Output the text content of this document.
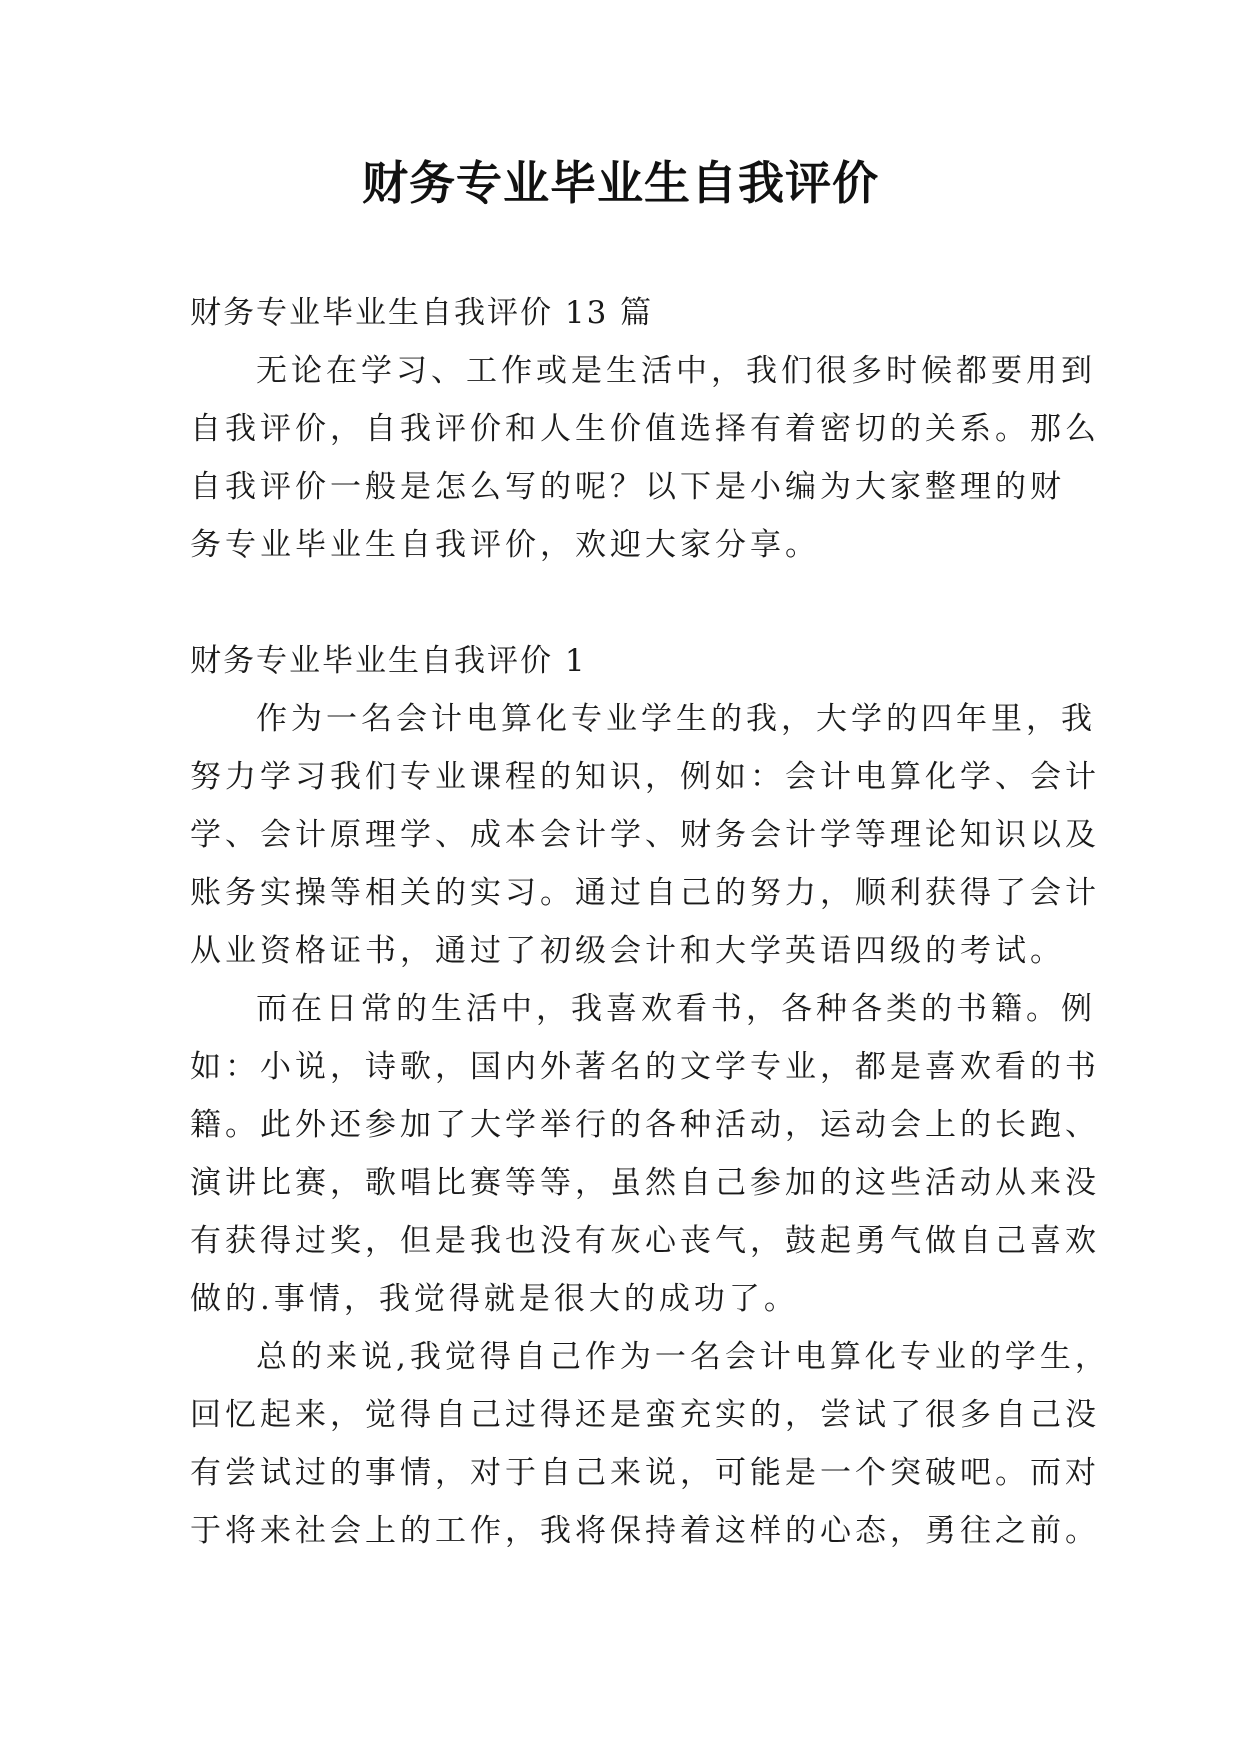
财务专业毕业生自我评价
财务专业毕业生自我评价 13 篇
无论在学习、工作或是生活中，我们很多时候都要用到
自我评价，自我评价和人生价值选择有着密切的关系。那么
自我评价一般是怎么写的呢？以下是小编为大家整理的财
务专业毕业生自我评价，欢迎大家分享。
财务专业毕业生自我评价 1
作为一名会计电算化专业学生的我，大学的四年里，我
努力学习我们专业课程的知识，例如：会计电算化学、会计
学、会计原理学、成本会计学、财务会计学等理论知识以及
账务实操等相关的实习。通过自己的努力，顺利获得了会计
从业资格证书，通过了初级会计和大学英语四级的考试。
而在日常的生活中，我喜欢看书，各种各类的书籍。例
如：小说，诗歌，国内外著名的文学专业，都是喜欢看的书
籍。此外还参加了大学举行的各种活动，运动会上的长跑、
演讲比赛，歌唱比赛等等，虽然自己参加的这些活动从来没
有获得过奖，但是我也没有灰心丧气，鼓起勇气做自己喜欢
做的.事情，我觉得就是很大的成功了。
总的来说,我觉得自己作为一名会计电算化专业的学生，
回忆起来，觉得自己过得还是蛮充实的，尝试了很多自己没
有尝试过的事情，对于自己来说，可能是一个突破吧。而对
于将来社会上的工作，我将保持着这样的心态，勇往之前。
